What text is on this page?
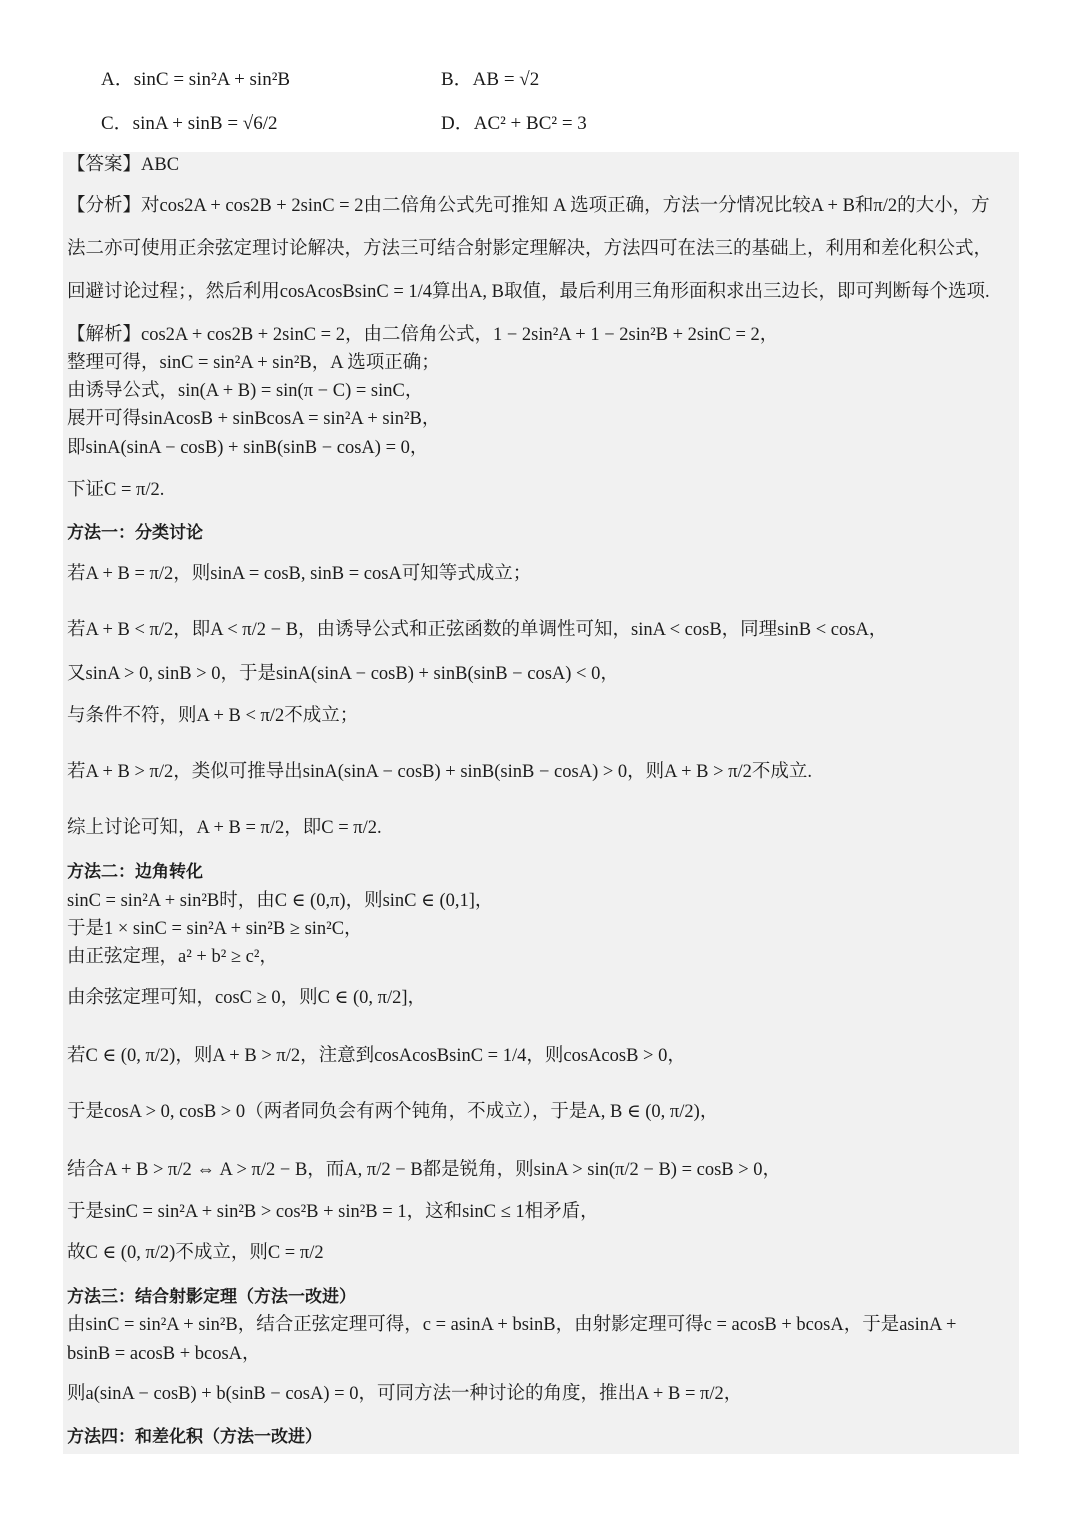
A．sinC = sin²A + sin²B	B．AB = √2
C．sinA + sinB = √6/2	D．AC² + BC² = 3
【答案】ABC
【分析】对cos2A + cos2B + 2sinC = 2由二倍角公式先可推知 A 选项正确，方法一分情况比较A + B和π/2的大小，方
法二亦可使用正余弦定理讨论解决，方法三可结合射影定理解决，方法四可在法三的基础上，利用和差化积公式，
回避讨论过程；，然后利用cosAcosBsinC = 1/4算出A, B取值，最后利用三角形面积求出三边长，即可判断每个选项.
【解析】cos2A + cos2B + 2sinC = 2，由二倍角公式，1 − 2sin²A + 1 − 2sin²B + 2sinC = 2，
整理可得，sinC = sin²A + sin²B，A 选项正确；
由诱导公式，sin(A + B) = sin(π − C) = sinC，
展开可得sinAcosB + sinBcosA = sin²A + sin²B，
即sinA(sinA − cosB) + sinB(sinB − cosA) = 0，
下证C = π/2.
方法一：分类讨论
若A + B = π/2，则sinA = cosB, sinB = cosA可知等式成立；
若A + B < π/2，即A < π/2 − B，由诱导公式和正弦函数的单调性可知，sinA < cosB，同理sinB < cosA，
又sinA > 0, sinB > 0，于是sinA(sinA − cosB) + sinB(sinB − cosA) < 0，
与条件不符，则A + B < π/2不成立；
若A + B > π/2，类似可推导出sinA(sinA − cosB) + sinB(sinB − cosA) > 0，则A + B > π/2不成立.
综上讨论可知，A + B = π/2，即C = π/2.
方法二：边角转化
sinC = sin²A + sin²B时，由C ∈ (0,π)，则sinC ∈ (0,1]，
于是1 × sinC = sin²A + sin²B ≥ sin²C，
由正弦定理，a² + b² ≥ c²，
由余弦定理可知，cosC ≥ 0，则C ∈ (0, π/2]，
若C ∈ (0, π/2)，则A + B > π/2，注意到cosAcosBsinC = 1/4，则cosAcosB > 0，
于是cosA > 0, cosB > 0（两者同负会有两个钝角，不成立），于是A, B ∈ (0, π/2)，
结合A + B > π/2 ⇔ A > π/2 − B，而A, π/2 − B都是锐角，则sinA > sin(π/2 − B) = cosB > 0，
于是sinC = sin²A + sin²B > cos²B + sin²B = 1，这和sinC ≤ 1相矛盾，
故C ∈ (0, π/2)不成立，则C = π/2
方法三：结合射影定理（方法一改进）
由sinC = sin²A + sin²B，结合正弦定理可得，c = asinA + bsinB，由射影定理可得c = acosB + bcosA，于是asinA +
bsinB = acosB + bcosA，
则a(sinA − cosB) + b(sinB − cosA) = 0，可同方法一种讨论的角度，推出A + B = π/2，
方法四：和差化积（方法一改进）
